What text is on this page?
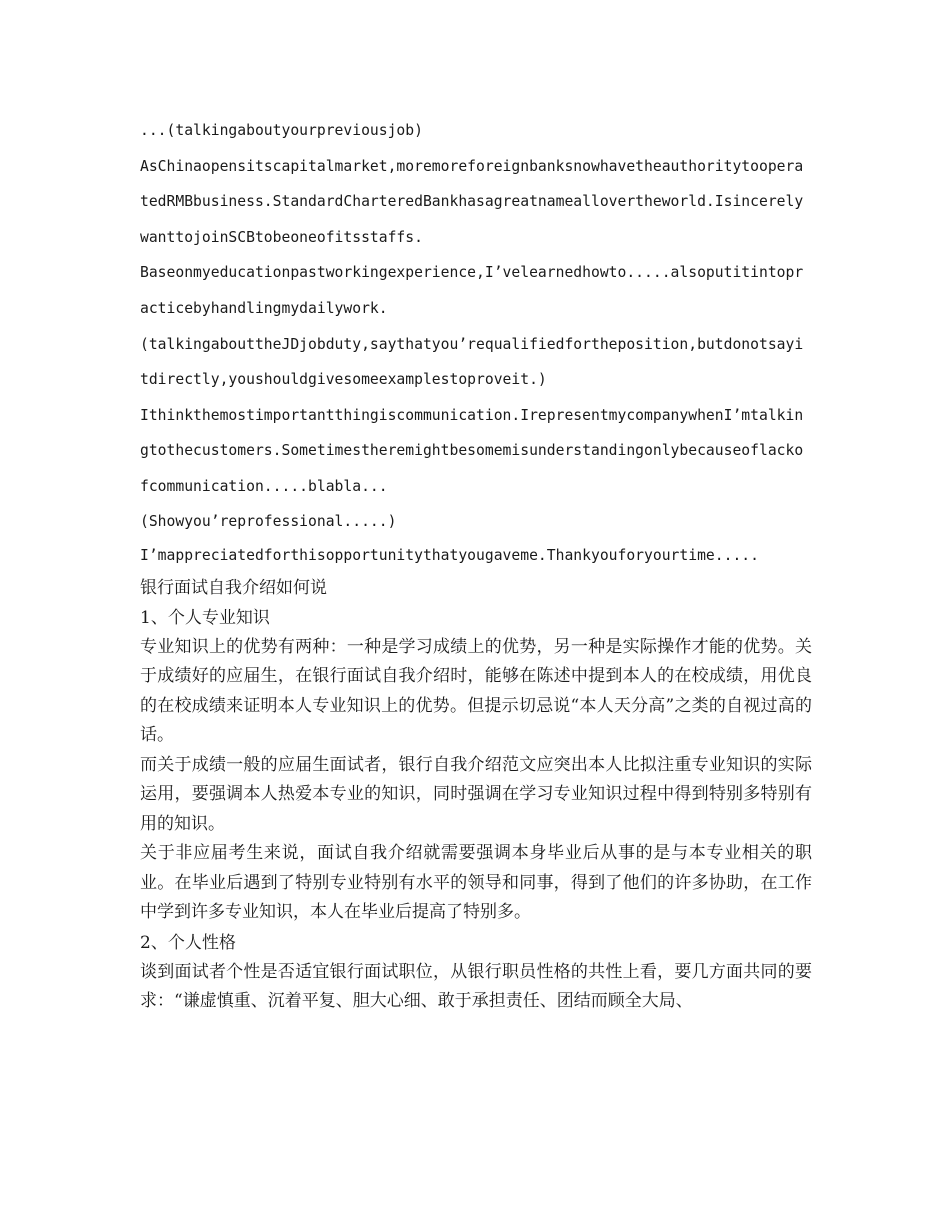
...(talkingaboutyourpreviousjob)

AsChinaopensitscapitalmarket,moremoreforeignbanksnowhavetheauthoritytooperatedRMBbusiness.StandardCharteredBankhasagreatnameallovertheworld.IsincerelywanttojoinSCBtobeoneofitsstaffs.

Baseonmyeducationpastworkingexperience,I’velearnedhowto.....alsoputitintopracticebyhandlingmydailywork.

(talkingabouttheJDjobduty,saythatyou’requalifiedfortheposition,butdonotsayitdirectly,youshouldgivesomeexamplestoproveit.)

Ithinkthemostimportantthingiscommunication.IrepresentmycompanywhenI’mtalkingtothecustomers.Sometimestheremightbesomemisunderstandingonlybecauseoflackofcommunication.....blabla...

(Showyou’reprofessional.....)

I’mappreciatedforthisopportunitythatyougaveme.Thankyouforyourtime.....

银行面试自我介绍如何说

1、个人专业知识

专业知识上的优势有两种：一种是学习成绩上的优势，另一种是实际操作才能的优势。关于成绩好的应届生，在银行面试自我介绍时，能够在陈述中提到本人的在校成绩，用优良的在校成绩来证明本人专业知识上的优势。但提示切忌说“本人天分高”之类的自视过高的话。

而关于成绩一般的应届生面试者，银行自我介绍范文应突出本人比拟注重专业知识的实际运用，要强调本人热爱本专业的知识，同时强调在学习专业知识过程中得到特别多特别有用的知识。

关于非应届考生来说，面试自我介绍就需要强调本身毕业后从事的是与本专业相关的职业。在毕业后遇到了特别专业特别有水平的领导和同事，得到了他们的许多协助，在工作中学到许多专业知识，本人在毕业后提高了特别多。

2、个人性格

谈到面试者个性是否适宜银行面试职位，从银行职员性格的共性上看，要几方面共同的要求：“谦虚慎重、沉着平复、胆大心细、敢于承担责任、团结而顾全大局、
